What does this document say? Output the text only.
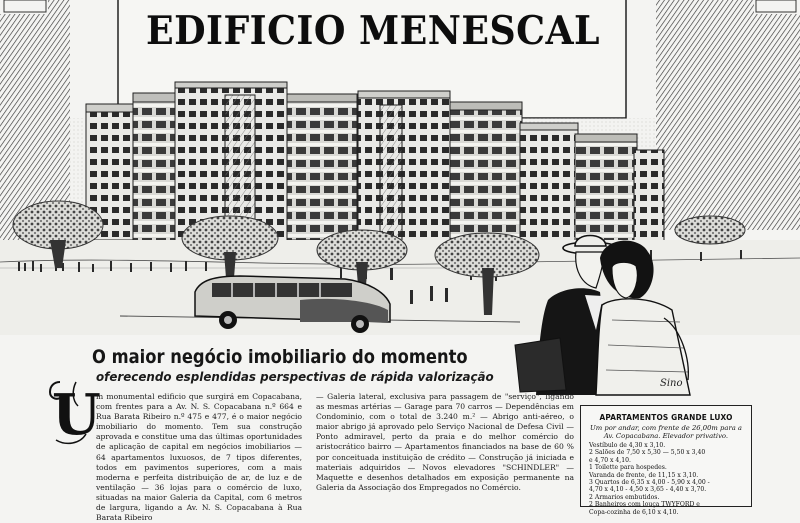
EDIFICIO MENESCAL
O maior negócio imobiliario do momento
oferecendo esplendidas perspectivas de rápida valorização	Sino
U

m monumental edificio que surgirá em Copacabana, com frentes para a Av. N. S. Copacabana n.º 664 e Rua Barata Ribeiro n.º 475 e 477, é o maior negócio imobiliario do momento. Tem sua construção aprovada e constitue uma das últimas oportunidades de aplicação de capital em negócios imobiliarios — 64 apartamentos luxuosos, de 7 tipos diferentes, todos em pavimentos superiores, com a mais moderna e perfeita distribuição de ar, de luz e de ventilação — 36 lojas para o comércio de luxo, situadas na maior Galeria da Capital, com 6 metros de largura, ligando a Av. N. S. Copacabana à Rua Barata Ribeiro

— Galeria lateral, exclusiva para passagem de "serviço", ligando as mesmas artérias — Garage para 70 carros — Dependências em Condominio, com o total de 3.240 m.² — Abrigo anti-aéreo, o maior abrigo já aprovado pelo Serviço Nacional de Defesa Civil — Ponto admiravel, perto da praia e do melhor comércio do aristocrático bairro — Apartamentos financiados na base de 60 % por conceituada instituição de crédito — Construção já iniciada e materiais adquiridos — Novos elevadores "SCHINDLER" — Maquette e desenhos detalhados em exposição permanente na Galeria da Associação dos Empregados no Comércio.

APARTAMENTOS GRANDE LUXO
Um por andar, com frente de 26,00m para a Av. Copacabana. Elevador privativo.
Vestíbulo de 4,30 x 3,10.
2 Salões de 7,50 x 5,30 — 5,50 x 3,40
e 4,70 x 4,10.
1 Toilette para hospedes.
Varanda de frente, de 11,15 x 3,10.
3 Quartos de 6,35 x 4,00 - 5,90 x 4,00 -
4,70 x 4,10 - 4,50 x 3,65 - 4,40 x 3,70.
2 Armarios embutidos.
2 Banheiros com louça TWYFORD e
Copa-cozinha de 6,10 x 4,10.
